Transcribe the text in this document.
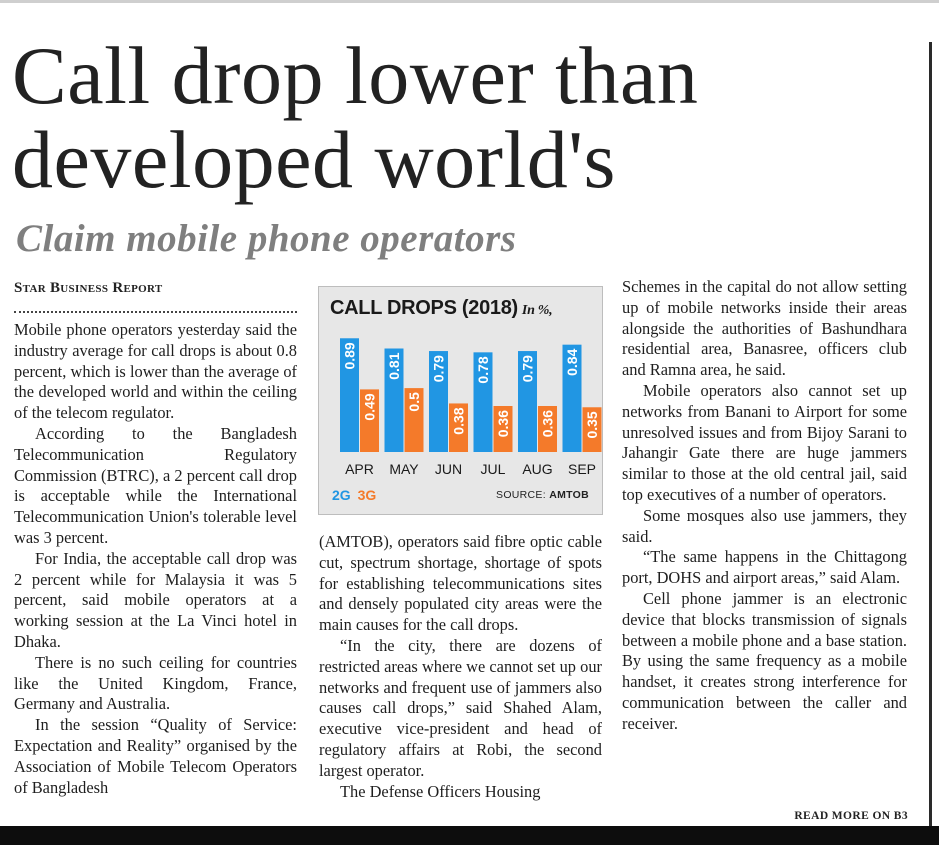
Call drop lower than
developed world's
Claim mobile phone operators
Star Business Report

Mobile phone operators yesterday said the industry average for call drops is about 0.8 percent, which is lower than the average of the developed world and within the ceiling of the telecom regulator.

According to the Bangladesh Telecommunication Regulatory Commission (BTRC), a 2 percent call drop is acceptable while the International Telecommunication Union's tolerable level was 3 percent.

For India, the acceptable call drop was 2 percent while for Malaysia it was 5 percent, said mobile operators at a working session at the La Vinci hotel in Dhaka.

There is no such ceiling for countries like the United Kingdom, France, Germany and Australia.

In the session “Quality of Service: Expectation and Reality” organised by the Association of Mobile Telecom Operators of Bangladesh

0.89
0.49
APR
0.81
0.5
MAY
0.79
0.38
JUN
0.78
0.36
JUL
0.79
0.36
AUG
0.84
0.35
SEP
CALL DROPS (2018) In %,
2G 3G	SOURCE: AMTOB

(AMTOB), operators said fibre optic cable cut, spectrum shortage, shortage of spots for establishing telecommunications sites and densely populated city areas were the main causes for the call drops.

“In the city, there are dozens of restricted areas where we cannot set up our networks and frequent use of jammers also causes call drops,” said Shahed Alam, executive vice-president and head of regulatory affairs at Robi, the second largest operator.

The Defense Officers Housing

Schemes in the capital do not allow setting up of mobile networks inside their areas alongside the authorities of Bashundhara residential area, Banasree, officers club and Ramna area, he said.

Mobile operators also cannot set up networks from Banani to Airport for some unresolved issues and from Bijoy Sarani to Jahangir Gate there are huge jammers similar to those at the old central jail, said top executives of a number of operators.

Some mosques also use jammers, they said.

“The same happens in the Chittagong port, DOHS and airport areas,” said Alam.

Cell phone jammer is an electronic device that blocks transmission of signals between a mobile phone and a base station. By using the same frequency as a mobile handset, it creates strong interference for communication between the caller and receiver.

READ MORE ON B3
